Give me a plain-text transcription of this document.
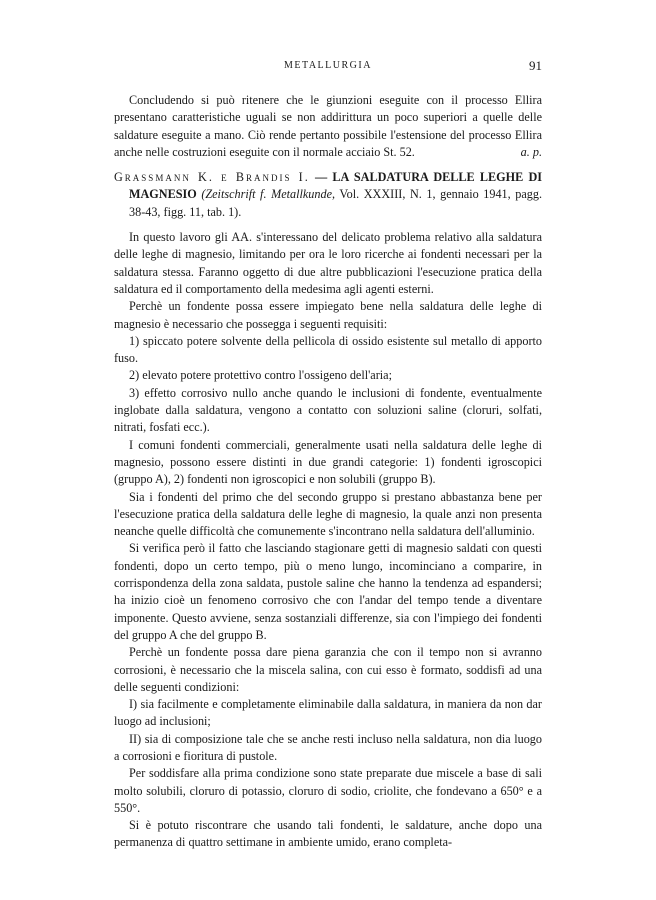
METALLURGIA	91

Concludendo si può ritenere che le giunzioni eseguite con il processo Ellira presentano caratteristiche uguali se non addirittura un poco superiori a quelle delle saldature eseguite a mano. Ciò rende pertanto possibile l'estensione del processo Ellira anche nelle costruzioni eseguite con il normale acciaio St. 52.	a. p.

Grassmann K. e Brandis I. — LA SALDATURA DELLE LEGHE DI MAGNESIO (Zeitschrift f. Metallkunde, Vol. XXXIII, N. 1, gennaio 1941, pagg. 38-43, figg. 11, tab. 1).

In questo lavoro gli AA. s'interessano del delicato problema relativo alla saldatura delle leghe di magnesio, limitando per ora le loro ricerche ai fondenti necessari per la saldatura stessa. Faranno oggetto di due altre pubblicazioni l'esecuzione pratica della saldatura ed il comportamento della medesima agli agenti esterni.

Perchè un fondente possa essere impiegato bene nella saldatura delle leghe di magnesio è necessario che possegga i seguenti requisiti:

1) spiccato potere solvente della pellicola di ossido esistente sul metallo di apporto fuso.

2) elevato potere protettivo contro l'ossigeno dell'aria;

3) effetto corrosivo nullo anche quando le inclusioni di fondente, eventualmente inglobate dalla saldatura, vengono a contatto con soluzioni saline (cloruri, solfati, nitrati, fosfati ecc.).

I comuni fondenti commerciali, generalmente usati nella saldatura delle leghe di magnesio, possono essere distinti in due grandi categorie: 1) fondenti igroscopici (gruppo A), 2) fondenti non igroscopici e non solubili (gruppo B).

Sia i fondenti del primo che del secondo gruppo si prestano abbastanza bene per l'esecuzione pratica della saldatura delle leghe di magnesio, la quale anzi non presenta neanche quelle difficoltà che comunemente s'incontrano nella saldatura dell'alluminio.

Si verifica però il fatto che lasciando stagionare getti di magnesio saldati con questi fondenti, dopo un certo tempo, più o meno lungo, incominciano a comparire, in corrispondenza della zona saldata, pustole saline che hanno la tendenza ad espandersi; ha inizio cioè un fenomeno corrosivo che con l'andar del tempo tende a diventare imponente. Questo avviene, senza sostanziali differenze, sia con l'impiego dei fondenti del gruppo A che del gruppo B.

Perchè un fondente possa dare piena garanzia che con il tempo non si avranno corrosioni, è necessario che la miscela salina, con cui esso è formato, soddisfi ad una delle seguenti condizioni:

I) sia facilmente e completamente eliminabile dalla saldatura, in maniera da non dar luogo ad inclusioni;

II) sia di composizione tale che se anche resti incluso nella saldatura, non dia luogo a corrosioni e fioritura di pustole.

Per soddisfare alla prima condizione sono state preparate due miscele a base di sali molto solubili, cloruro di potassio, cloruro di sodio, criolite, che fondevano a 650° e a 550°.

Si è potuto riscontrare che usando tali fondenti, le saldature, anche dopo una permanenza di quattro settimane in ambiente umido, erano completa-
